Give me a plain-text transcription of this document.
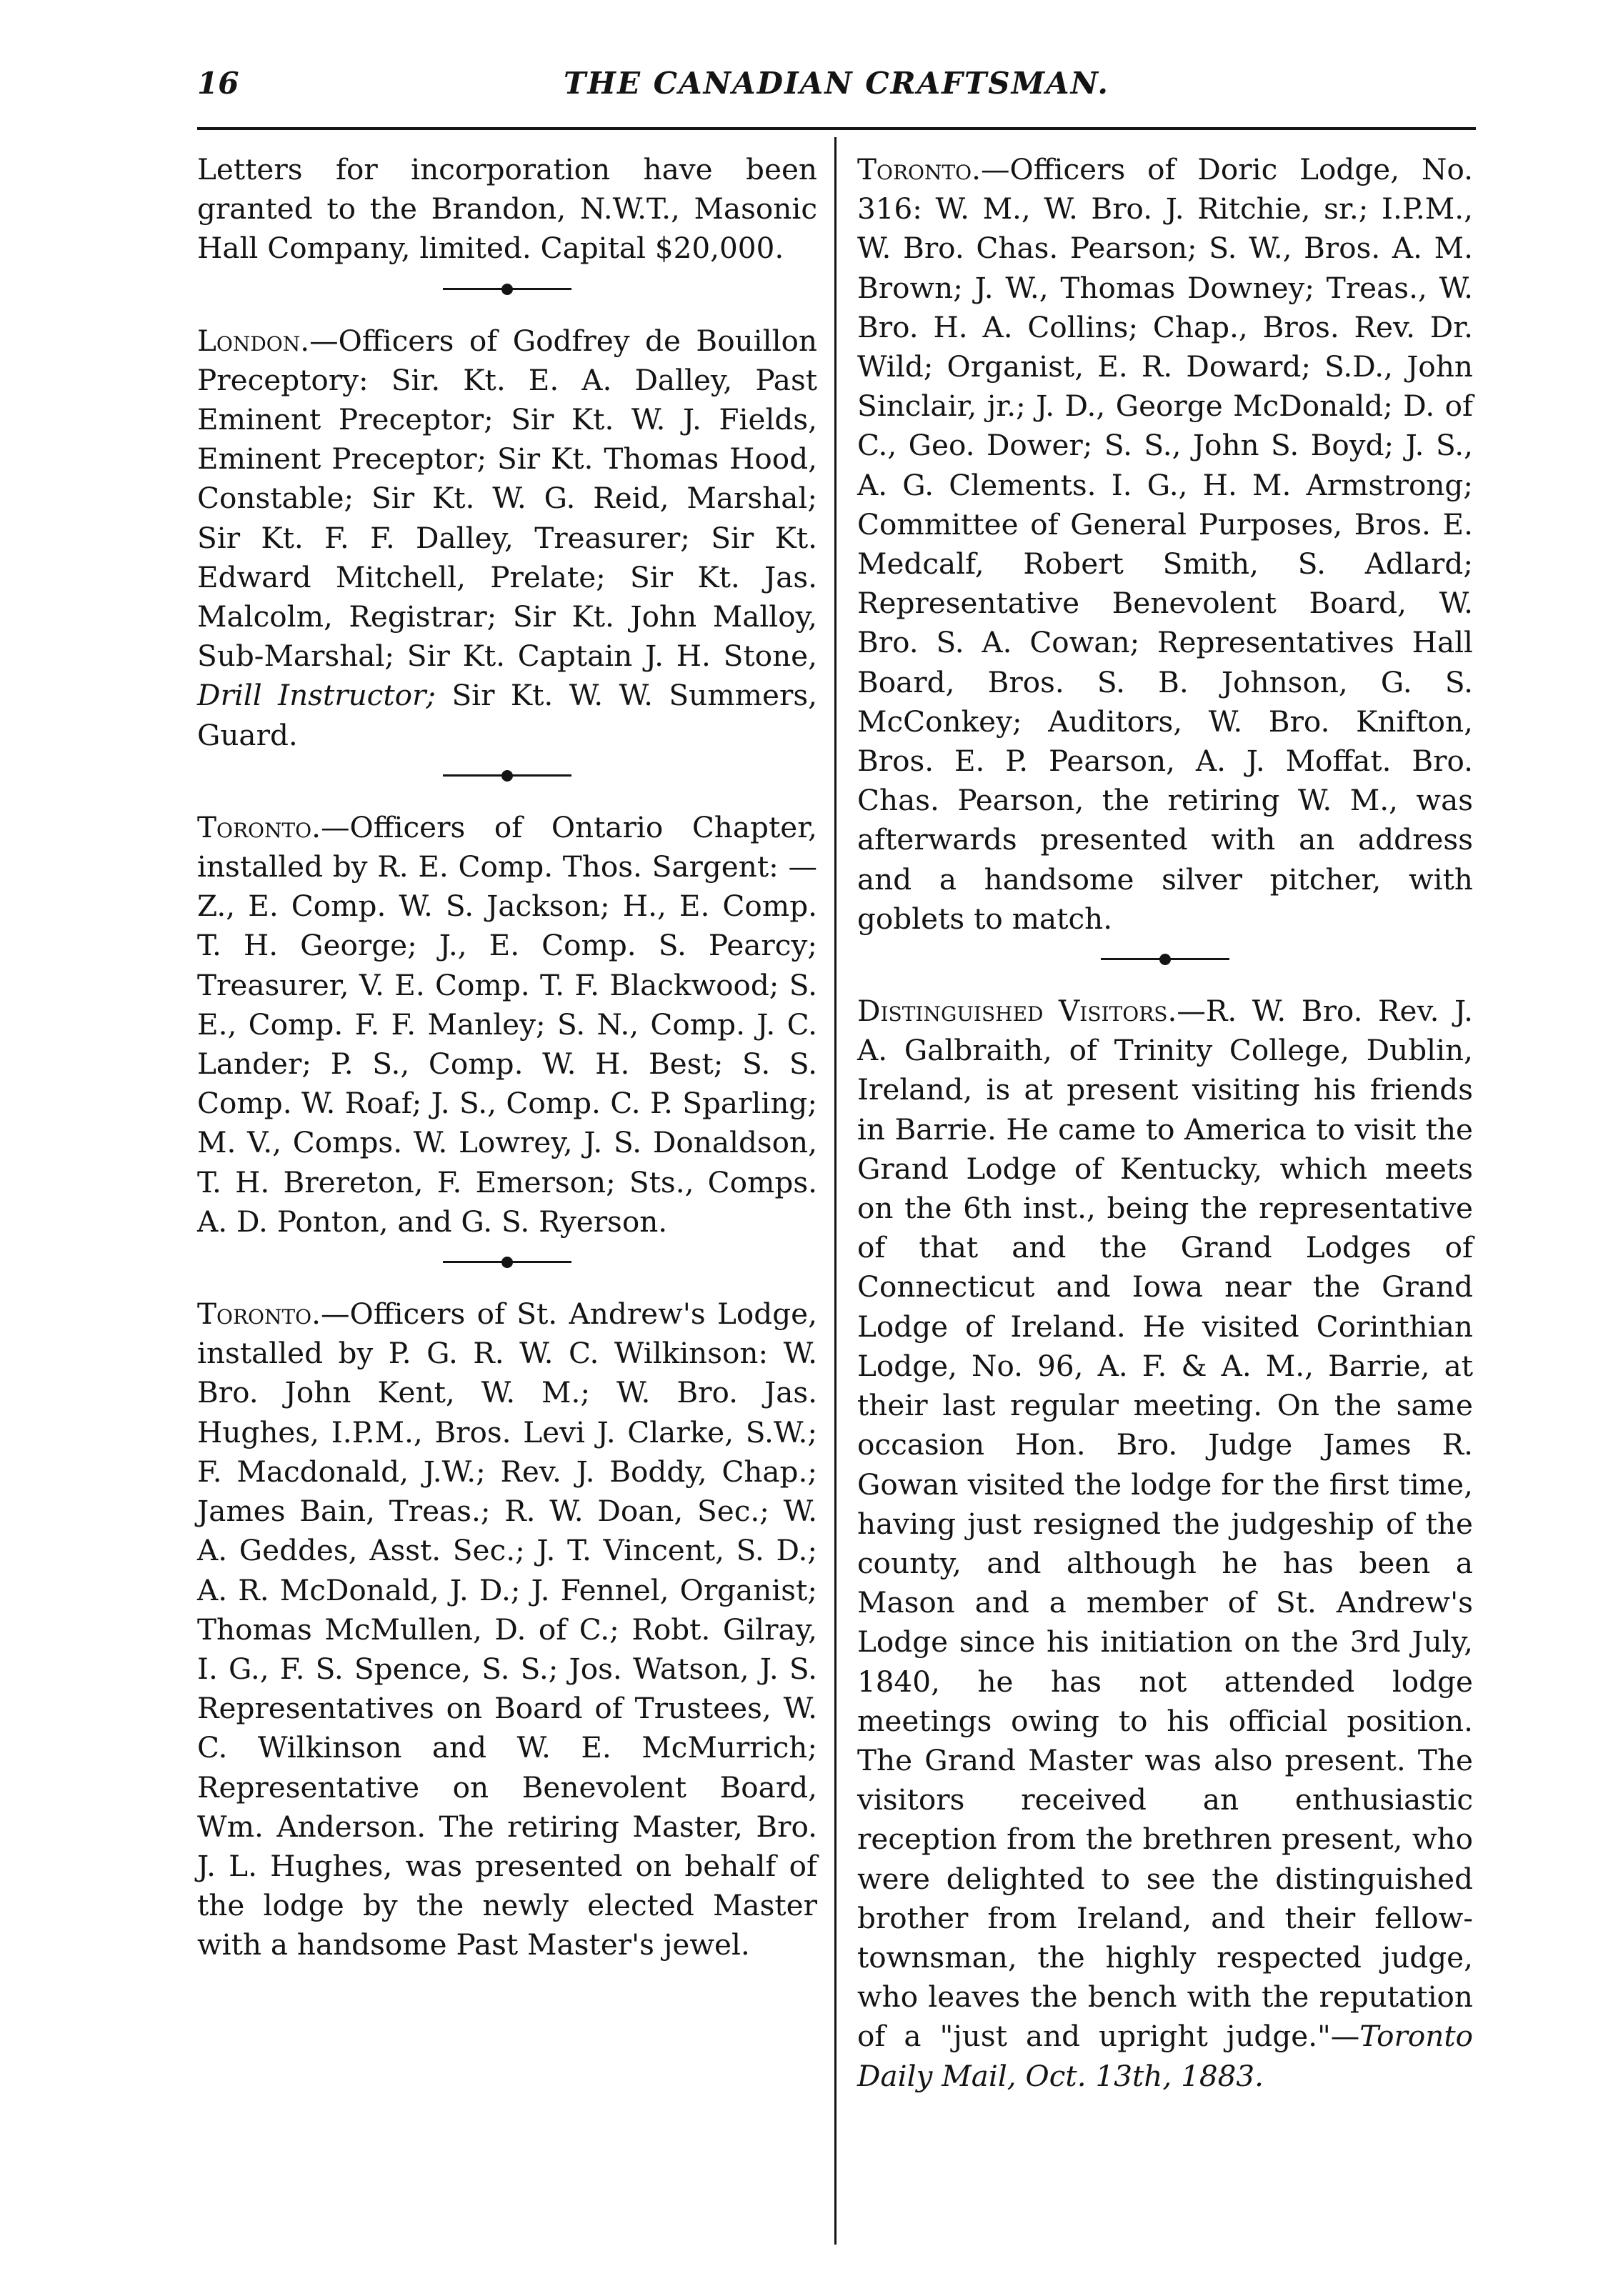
16	THE CANADIAN CRAFTSMAN.

Letters for incorporation have been granted to the Brandon, N.W.T., Masonic Hall Company, limited. Capital $20,000.

London.—Officers of Godfrey de Bouillon Preceptory: Sir. Kt. E. A. Dalley, Past Eminent Preceptor; Sir Kt. W. J. Fields, Eminent Preceptor; Sir Kt. Thomas Hood, Constable; Sir Kt. W. G. Reid, Marshal; Sir Kt. F. F. Dalley, Treasurer; Sir Kt. Edward Mitchell, Prelate; Sir Kt. Jas. Malcolm, Registrar; Sir Kt. John Malloy, Sub-Marshal; Sir Kt. Captain J. H. Stone, Drill Instructor; Sir Kt. W. W. Summers, Guard.

Toronto.—Officers of Ontario Chapter, installed by R. E. Comp. Thos. Sargent: — Z., E. Comp. W. S. Jackson; H., E. Comp. T. H. George; J., E. Comp. S. Pearcy; Treasurer, V. E. Comp. T. F. Blackwood; S. E., Comp. F. F. Manley; S. N., Comp. J. C. Lander; P. S., Comp. W. H. Best; S. S. Comp. W. Roaf; J. S., Comp. C. P. Sparling; M. V., Comps. W. Lowrey, J. S. Donaldson, T. H. Brereton, F. Emerson; Sts., Comps. A. D. Ponton, and G. S. Ryerson.

Toronto.—Officers of St. Andrew's Lodge, installed by P. G. R. W. C. Wilkinson: W. Bro. John Kent, W. M.; W. Bro. Jas. Hughes, I.P.M., Bros. Levi J. Clarke, S.W.; F. Macdonald, J.W.; Rev. J. Boddy, Chap.; James Bain, Treas.; R. W. Doan, Sec.; W. A. Geddes, Asst. Sec.; J. T. Vincent, S. D.; A. R. McDonald, J. D.; J. Fennel, Organist; Thomas McMullen, D. of C.; Robt. Gilray, I. G., F. S. Spence, S. S.; Jos. Watson, J. S. Representatives on Board of Trustees, W. C. Wilkinson and W. E. McMurrich; Representative on Benevolent Board, Wm. Anderson. The retiring Master, Bro. J. L. Hughes, was presented on behalf of the lodge by the newly elected Master with a handsome Past Master's jewel.

Toronto.—Officers of Doric Lodge, No. 316: W. M., W. Bro. J. Ritchie, sr.; I.P.M., W. Bro. Chas. Pearson; S. W., Bros. A. M. Brown; J. W., Thomas Downey; Treas., W. Bro. H. A. Collins; Chap., Bros. Rev. Dr. Wild; Organist, E. R. Doward; S.D., John Sinclair, jr.; J. D., George McDonald; D. of C., Geo. Dower; S. S., John S. Boyd; J. S., A. G. Clements. I. G., H. M. Armstrong; Committee of General Purposes, Bros. E. Medcalf, Robert Smith, S. Adlard; Representative Benevolent Board, W. Bro. S. A. Cowan; Representatives Hall Board, Bros. S. B. Johnson, G. S. McConkey; Auditors, W. Bro. Knifton, Bros. E. P. Pearson, A. J. Moffat. Bro. Chas. Pearson, the retiring W. M., was afterwards presented with an address and a handsome silver pitcher, with goblets to match.

Distinguished Visitors.—R. W. Bro. Rev. J. A. Galbraith, of Trinity College, Dublin, Ireland, is at present visiting his friends in Barrie. He came to America to visit the Grand Lodge of Kentucky, which meets on the 6th inst., being the representative of that and the Grand Lodges of Connecticut and Iowa near the Grand Lodge of Ireland. He visited Corinthian Lodge, No. 96, A. F. & A. M., Barrie, at their last regular meeting. On the same occasion Hon. Bro. Judge James R. Gowan visited the lodge for the first time, having just resigned the judgeship of the county, and although he has been a Mason and a member of St. Andrew's Lodge since his initiation on the 3rd July, 1840, he has not attended lodge meetings owing to his official position. The Grand Master was also present. The visitors received an enthusiastic reception from the brethren present, who were delighted to see the distinguished brother from Ireland, and their fellow-townsman, the highly respected judge, who leaves the bench with the reputation of a "just and upright judge."—Toronto Daily Mail, Oct. 13th, 1883.
